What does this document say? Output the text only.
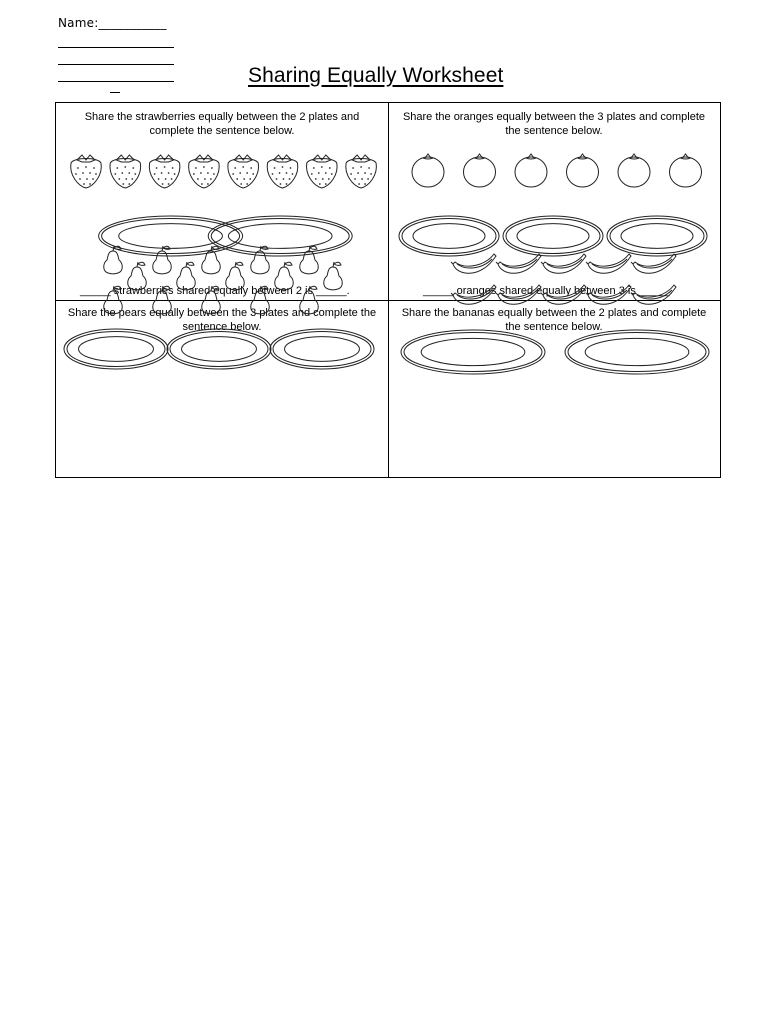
Name:___________
Sharing Equally Worksheet
Share the strawberries equally between the 2 plates and complete the sentence below.
_____ strawberries shared equally between 2 is _____.
Share the oranges equally between the 3 plates and complete the sentence below.
_____ oranges shared equally between 3 is _____.
Share the pears equally between the 3 plates and complete the sentence below.
Share the bananas equally between the 2 plates and complete the sentence below.
